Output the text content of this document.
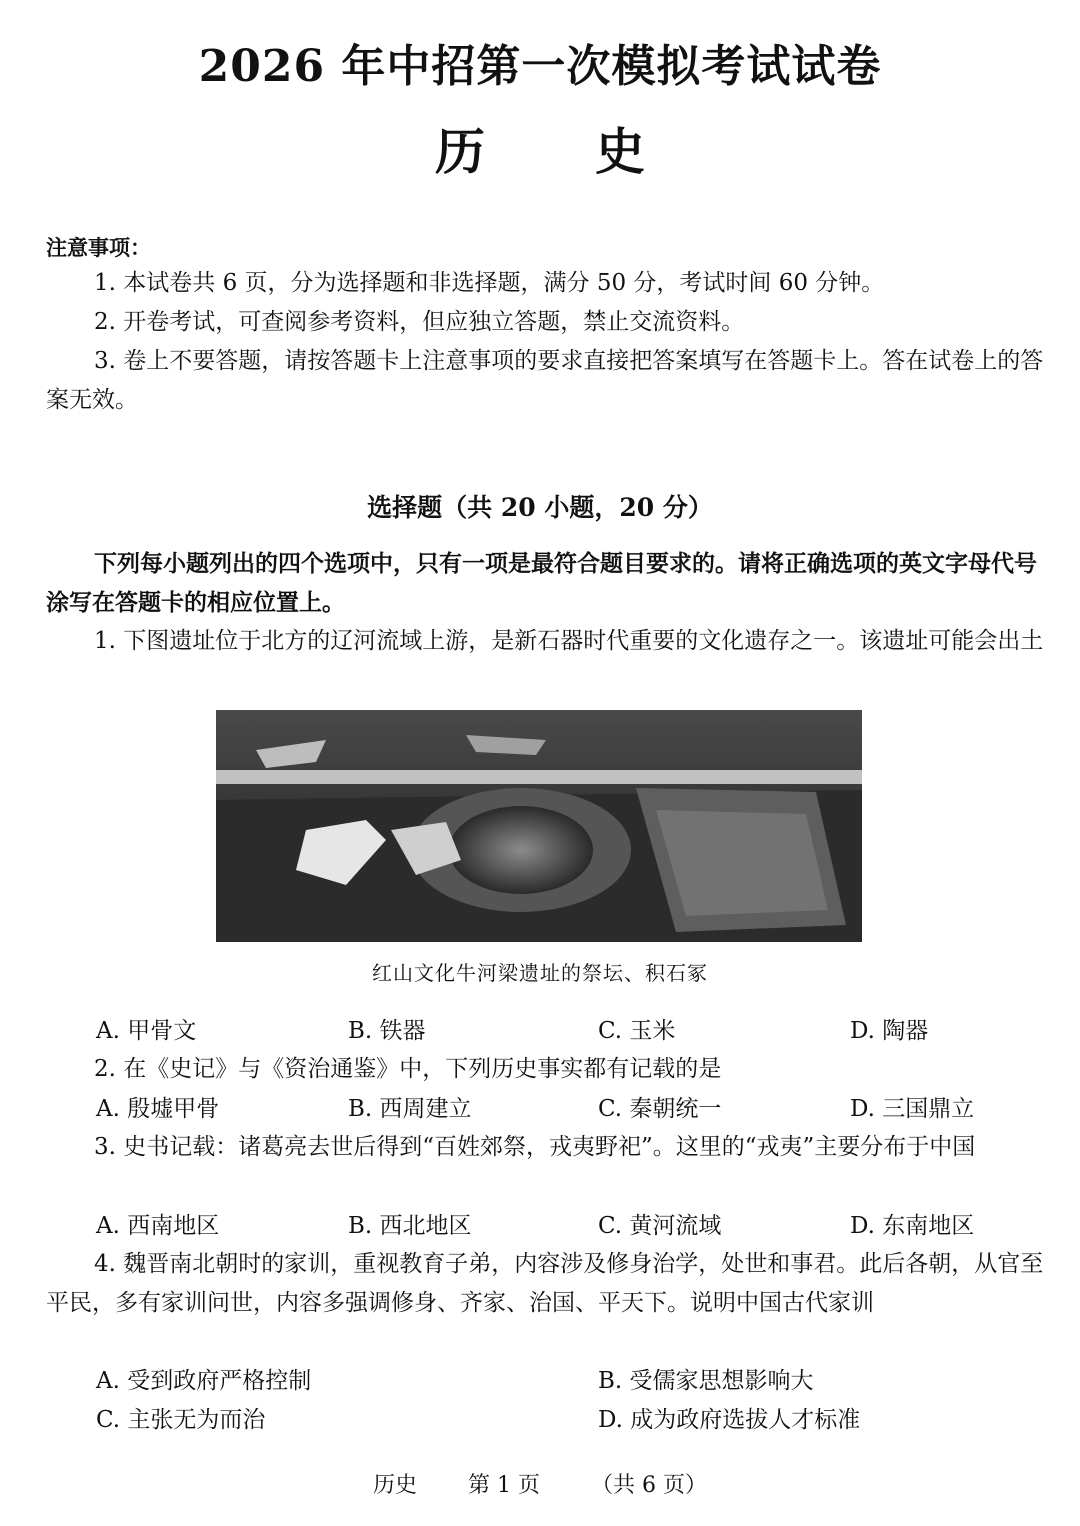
2026 年中招第一次模拟考试试卷
历史
注意事项：
1. 本试卷共 6 页，分为选择题和非选择题，满分 50 分，考试时间 60 分钟。
2. 开卷考试，可查阅参考资料，但应独立答题，禁止交流资料。
3. 卷上不要答题，请按答题卡上注意事项的要求直接把答案填写在答题卡上。答在试卷上的答案无效。
选择题（共 20 小题，20 分）
下列每小题列出的四个选项中，只有一项是最符合题目要求的。请将正确选项的英文字母代号涂写在答题卡的相应位置上。
1. 下图遗址位于北方的辽河流域上游，是新石器时代重要的文化遗存之一。该遗址可能会出土
红山文化牛河梁遗址的祭坛、积石冢
A. 甲骨文	B. 铁器	C. 玉米	D. 陶器
2. 在《史记》与《资治通鉴》中，下列历史事实都有记载的是
A. 殷墟甲骨	B. 西周建立	C. 秦朝统一	D. 三国鼎立
3. 史书记载：诸葛亮去世后得到“百姓郊祭，戎夷野祀”。这里的“戎夷”主要分布于中国
A. 西南地区	B. 西北地区	C. 黄河流域	D. 东南地区
4. 魏晋南北朝时的家训，重视教育子弟，内容涉及修身治学，处世和事君。此后各朝，从官至平民，多有家训问世，内容多强调修身、齐家、治国、平天下。说明中国古代家训
A. 受到政府严格控制	B. 受儒家思想影响大
C. 主张无为而治	D. 成为政府选拔人才标准
历史 第 1 页 （共 6 页）
